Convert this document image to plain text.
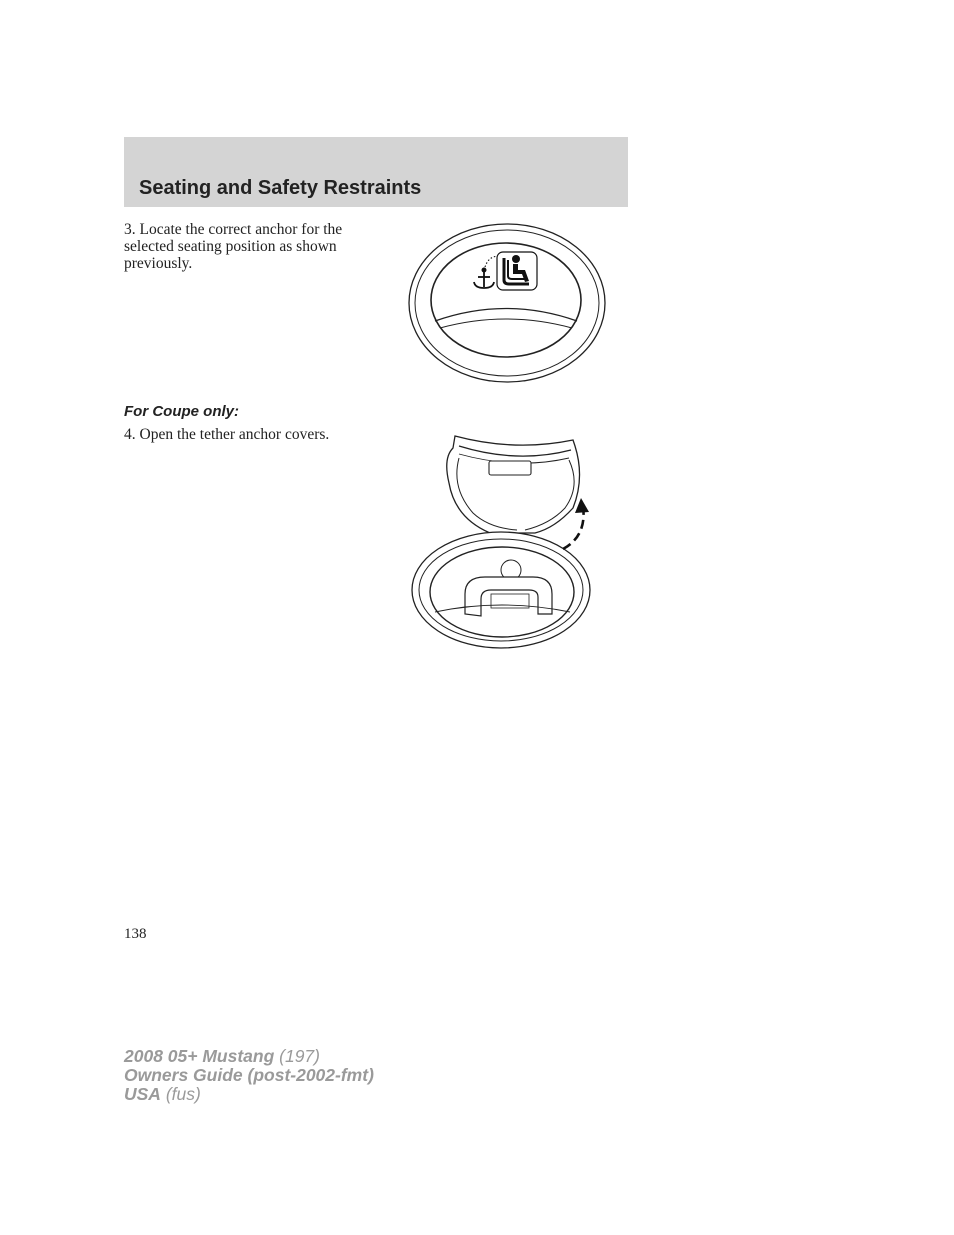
Seating and Safety Restraints
3. Locate the correct anchor for the selected seating position as shown previously.
For Coupe only:
4. Open the tether anchor covers.
138
2008 05+ Mustang (197)
Owners Guide (post-2002-fmt)
USA (fus)
